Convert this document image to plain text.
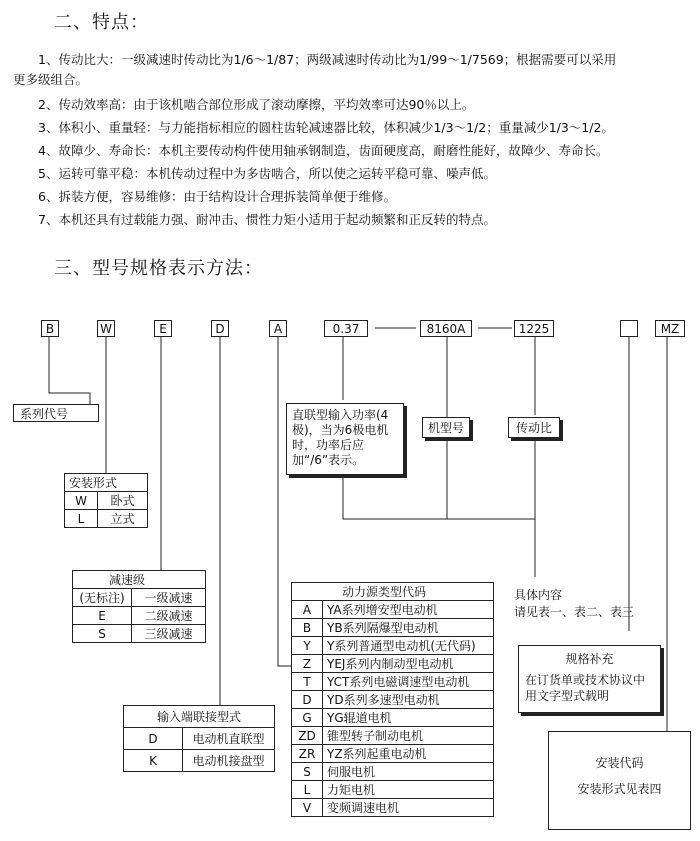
二、特点：
1、传动比大：一级减速时传动比为1/6～1/87；两级减速时传动比为1/99～1/7569；根据需要可以采用
更多级组合。
2、传动效率高：由于该机啮合部位形成了滚动摩擦，平均效率可达90％以上。
3、体积小、重量轻：与力能指标相应的圆柱齿轮减速器比较，体积减少1/3～1/2；重量减少1/3～1/2。
4、故障少、寿命长：本机主要传动构件使用轴承钢制造，齿面硬度高，耐磨性能好，故障少、寿命长。
5、运转可靠平稳：本机传动过程中为多齿啮合，所以使之运转平稳可靠、噪声低。
6、拆装方便，容易维修：由于结构设计合理拆装简单便于维修。
7、本机还具有过载能力强、耐冲击、惯性力矩小适用于起动频繁和正反转的特点。
三、型号规格表示方法：
B	W	E	D	A	0.37	8160A	1225	MZ
系列代号	直联型输入功率(4极)，当为6极电机时，功率后应加“/6”表示。
机型号	传动比
具体内容
请见表一、表二、表三
安装形式	
W	卧式
L	立式
减速级	
(无标注)	一级减速
E	二级减速
S	三级减速
输入端联接型式	
D	电动机直联型
K	电动机接盘型
动力源类型代码	
A	YA系列增安型电动机
B	YB系列隔爆型电动机
Y	Y系列普通型电动机(无代码)
Z	YEJ系列内制动型电动机
T	YCT系列电磁调速型电动机
D	YD系列多速型电动机
G	YG辊道电机
ZD	锥型转子制动电机
ZR	YZ系列起重电动机
S	伺服电机
L	力矩电机
V	变频调速电机
规格补充
在订货单或技术协议中用文字型式载明
安装代码
安装形式见表四
